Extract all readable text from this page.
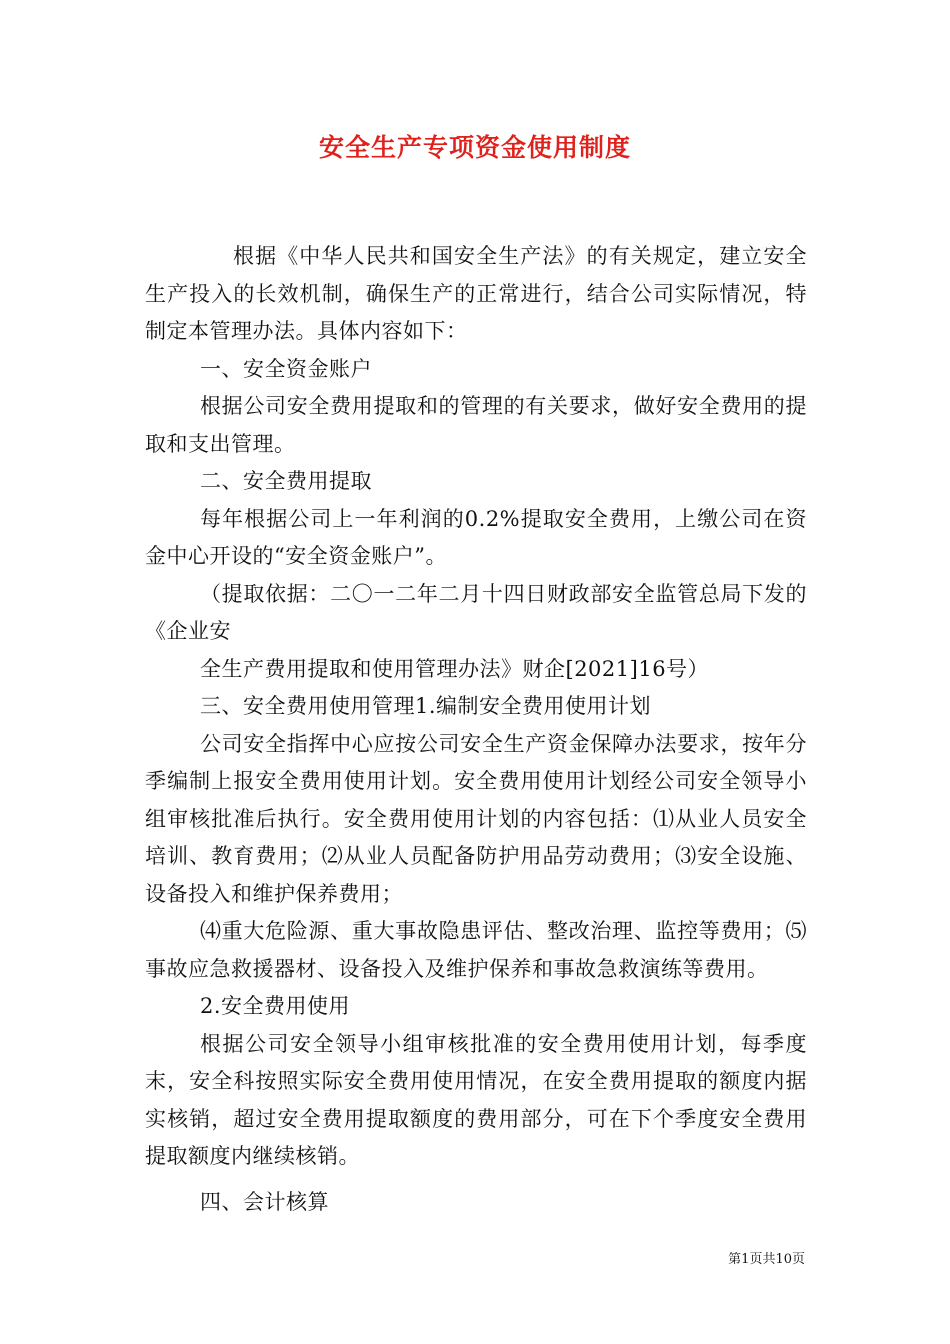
安全生产专项资金使用制度

根据《中华人民共和国安全生产法》的有关规定，建立安全生产投入的长效机制，确保生产的正常进行，结合公司实际情况，特制定本管理办法。具体内容如下：

一、安全资金账户

根据公司安全费用提取和的管理的有关要求，做好安全费用的提取和支出管理。

二、安全费用提取

每年根据公司上一年利润的0.2%提取安全费用，上缴公司在资金中心开设的“安全资金账户”。

（提取依据：二〇一二年二月十四日财政部安全监管总局下发的《企业安

全生产费用提取和使用管理办法》财企[2021]16号）

三、安全费用使用管理1.编制安全费用使用计划

公司安全指挥中心应按公司安全生产资金保障办法要求，按年分季编制上报安全费用使用计划。安全费用使用计划经公司安全领导小组审核批准后执行。安全费用使用计划的内容包括：⑴从业人员安全培训、教育费用；⑵从业人员配备防护用品劳动费用；⑶安全设施、设备投入和维护保养费用；

⑷重大危险源、重大事故隐患评估、整改治理、监控等费用；⑸事故应急救援器材、设备投入及维护保养和事故急救演练等费用。

2.安全费用使用

根据公司安全领导小组审核批准的安全费用使用计划，每季度末，安全科按照实际安全费用使用情况，在安全费用提取的额度内据实核销，超过安全费用提取额度的费用部分，可在下个季度安全费用提取额度内继续核销。

四、会计核算

第1页共10页
